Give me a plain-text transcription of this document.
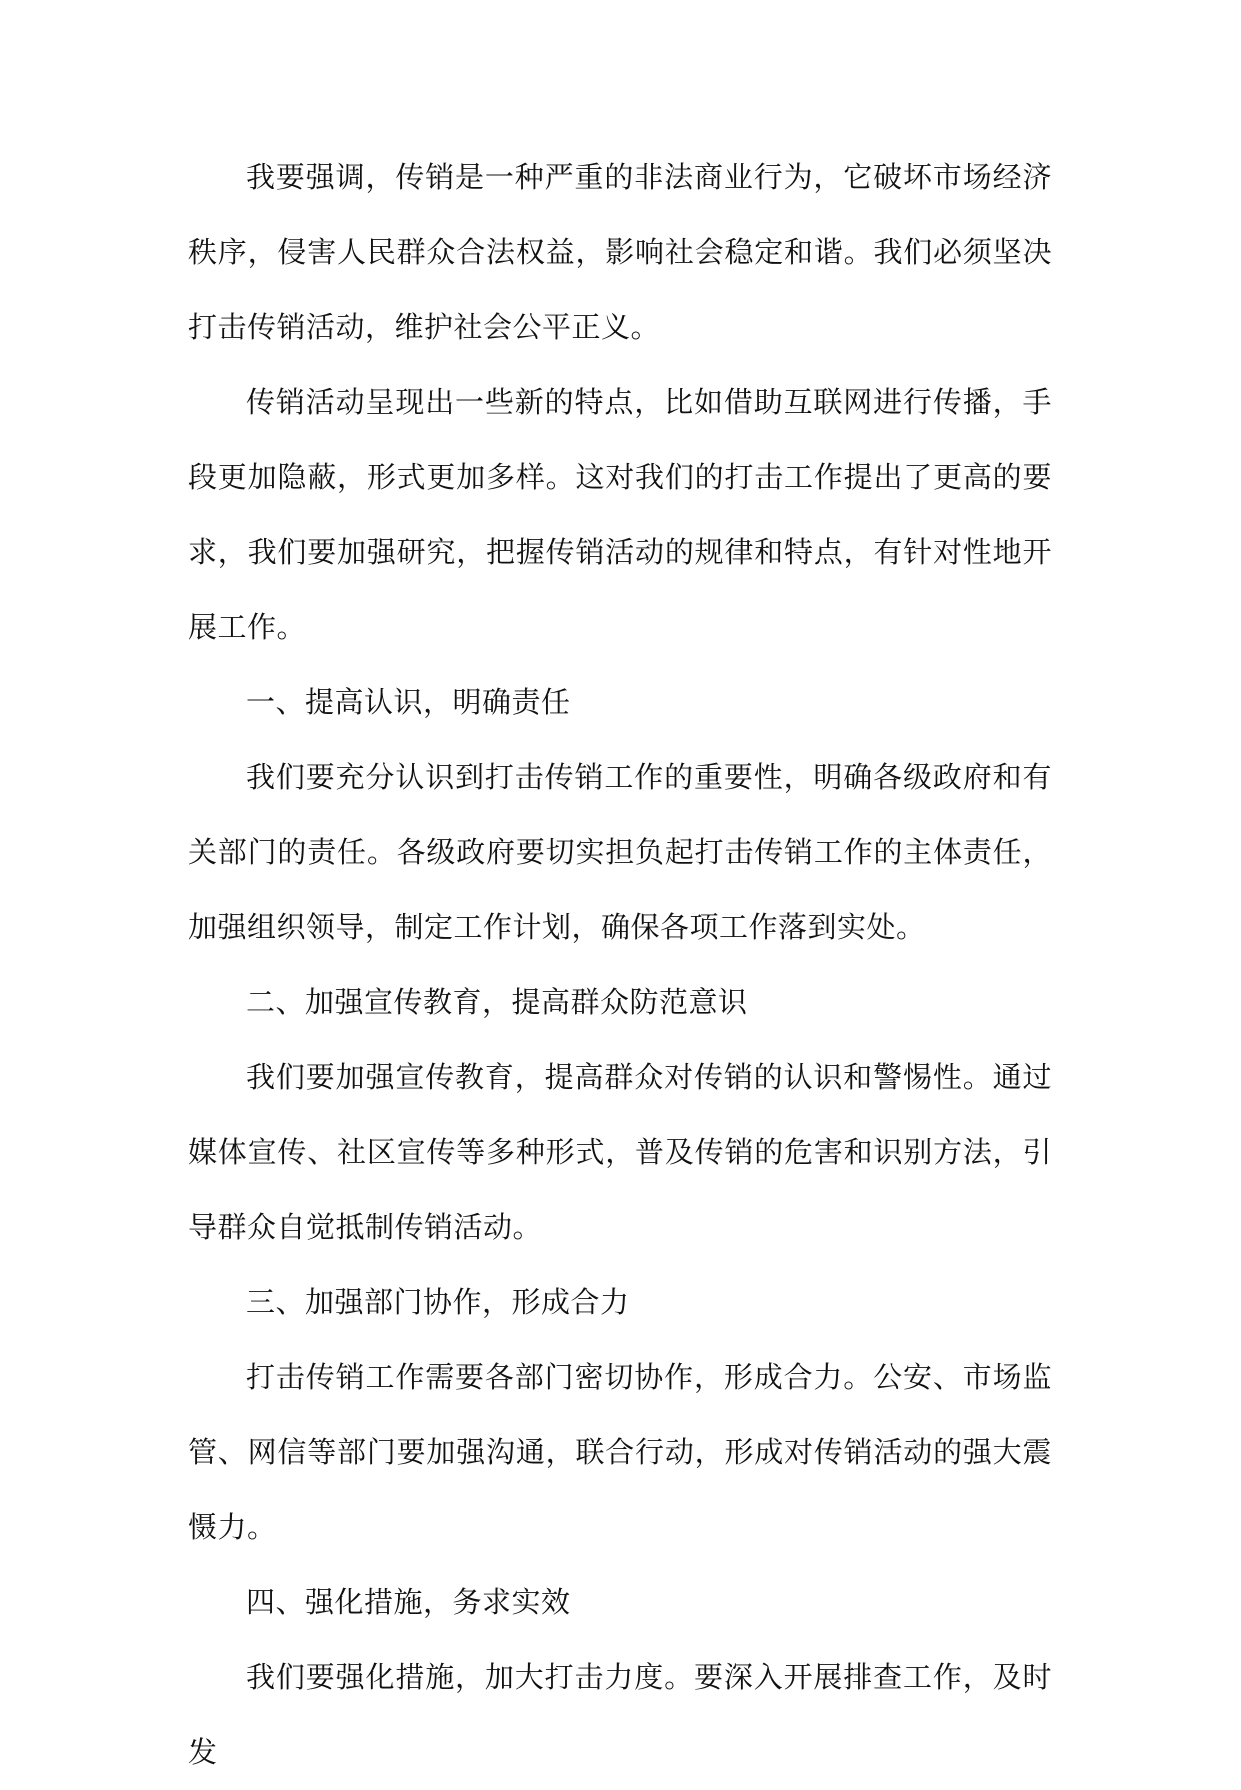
我要强调，传销是一种严重的非法商业行为，它破坏市场经济秩序，侵害人民群众合法权益，影响社会稳定和谐。我们必须坚决打击传销活动，维护社会公平正义。

传销活动呈现出一些新的特点，比如借助互联网进行传播，手段更加隐蔽，形式更加多样。这对我们的打击工作提出了更高的要求，我们要加强研究，把握传销活动的规律和特点，有针对性地开展工作。

一、提高认识，明确责任

我们要充分认识到打击传销工作的重要性，明确各级政府和有关部门的责任。各级政府要切实担负起打击传销工作的主体责任，加强组织领导，制定工作计划，确保各项工作落到实处。

二、加强宣传教育，提高群众防范意识

我们要加强宣传教育，提高群众对传销的认识和警惕性。通过媒体宣传、社区宣传等多种形式，普及传销的危害和识别方法，引导群众自觉抵制传销活动。

三、加强部门协作，形成合力

打击传销工作需要各部门密切协作，形成合力。公安、市场监管、网信等部门要加强沟通，联合行动，形成对传销活动的强大震慑力。

四、强化措施，务求实效

我们要强化措施，加大打击力度。要深入开展排查工作，及时发
